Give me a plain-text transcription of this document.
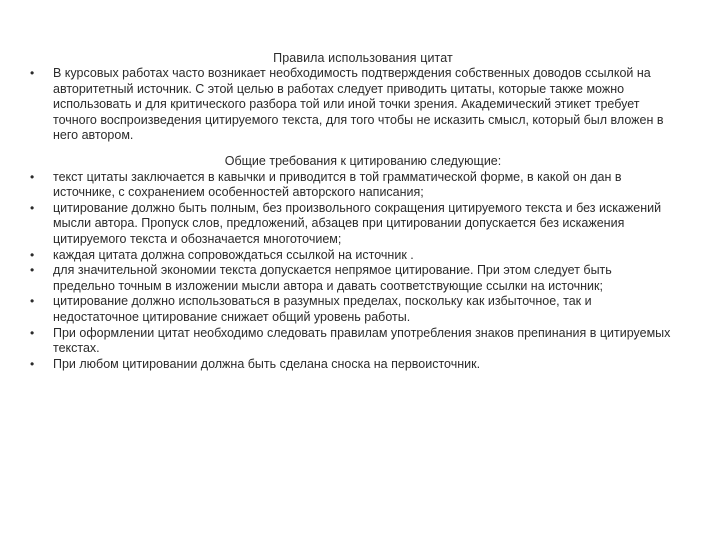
Правила использования цитат
• В курсовых работах часто возникает необходимость подтверждения собственных доводов ссылкой на авторитетный источник. С этой целью в работах следует приводить цитаты, которые также можно использовать и для критического разбора той или иной точки зрения. Академический этикет требует точного воспроизведения цитируемого текста, для того чтобы не исказить смысл, который был вложен в него автором.
Общие требования к цитированию следующие:
• текст цитаты заключается в кавычки и приводится в той грамматической форме, в какой он дан в источнике, с сохранением особенностей авторского написания;
• цитирование должно быть полным, без произвольного сокращения цитируемого текста и без искажений мысли автора. Пропуск слов, предложений, абзацев при цитировании допускается без искажения цитируемого текста и обозначается многоточием;
• каждая цитата должна сопровождаться ссылкой на источник .
• для значительной экономии текста допускается непрямое цитирование. При этом следует быть предельно точным в изложении мысли автора и давать соответствующие ссылки на источник;
• цитирование должно использоваться в разумных пределах, поскольку как избыточное, так и недостаточное цитирование снижает общий уровень работы.
• При оформлении цитат необходимо следовать правилам употребления знаков препинания в цитируемых текстах.
• При любом цитировании должна быть сделана сноска на первоисточник.
